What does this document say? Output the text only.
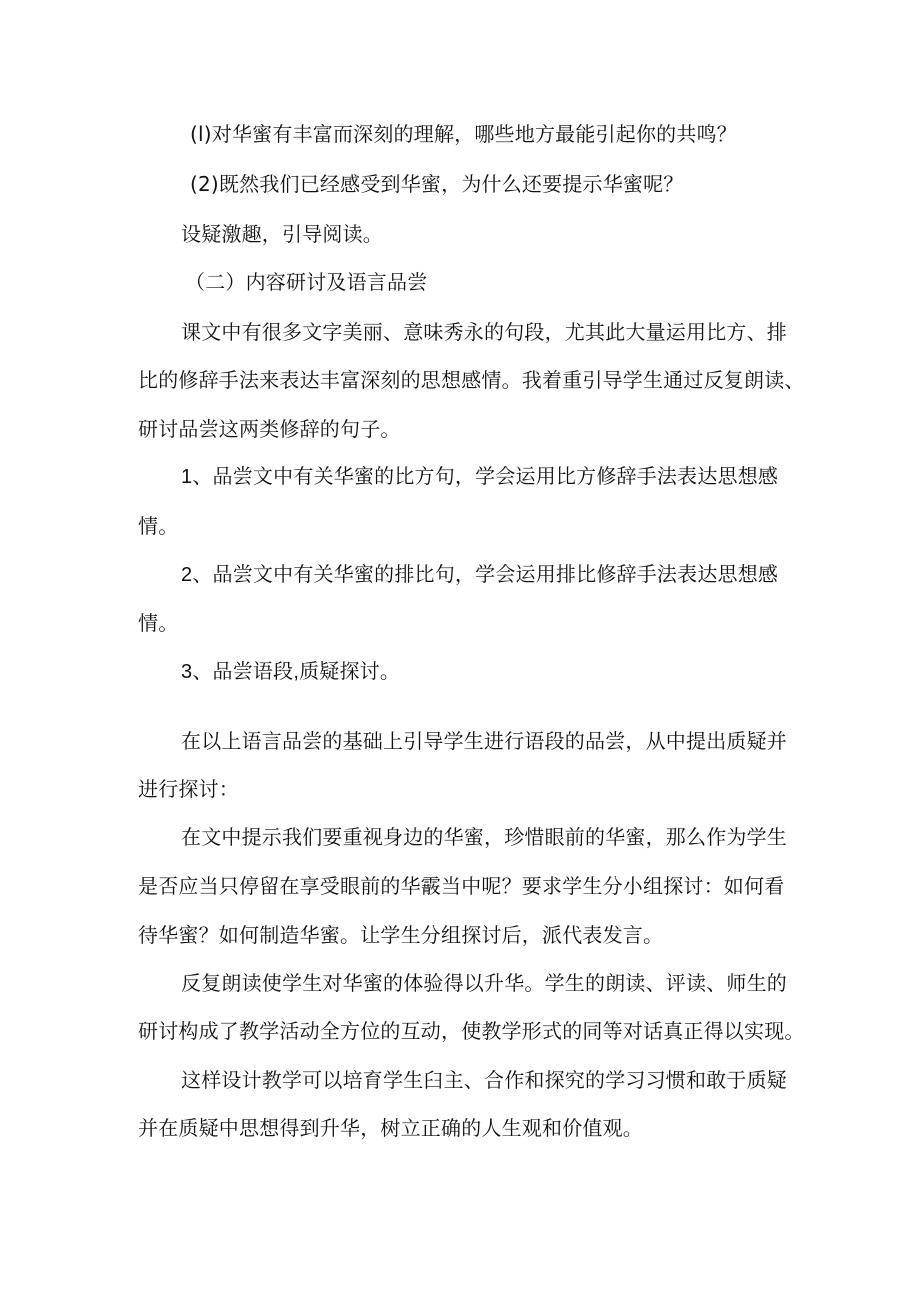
(l)对华蜜有丰富而深刻的理解，哪些地方最能引起你的共鸣？
(2)既然我们已经感受到华蜜，为什么还要提示华蜜呢？
设疑激趣，引导阅读。
（二）内容研讨及语言品尝
课文中有很多文字美丽、意味秀永的句段，尤其此大量运用比方、排
比的修辞手法来表达丰富深刻的思想感情。我着重引导学生通过反复朗读、
研讨品尝这两类修辞的句子。
1、品尝文中有关华蜜的比方句，学会运用比方修辞手法表达思想感
情。
2、品尝文中有关华蜜的排比句，学会运用排比修辞手法表达思想感
情。
3、品尝语段,质疑探讨。
在以上语言品尝的基础上引导学生进行语段的品尝，从中提出质疑并
进行探讨：
在文中提示我们要重视身边的华蜜，珍惜眼前的华蜜，那么作为学生
是否应当只停留在享受眼前的华霰当中呢？要求学生分小组探讨：如何看
待华蜜？如何制造华蜜。让学生分组探讨后，派代表发言。
反复朗读使学生对华蜜的体验得以升华。学生的朗读、评读、师生的
研讨构成了教学活动全方位的互动，使教学形式的同等对话真正得以实现。
这样设计教学可以培育学生臼主、合作和探究的学习习惯和敢于质疑
并在质疑中思想得到升华，树立正确的人生观和价值观。
